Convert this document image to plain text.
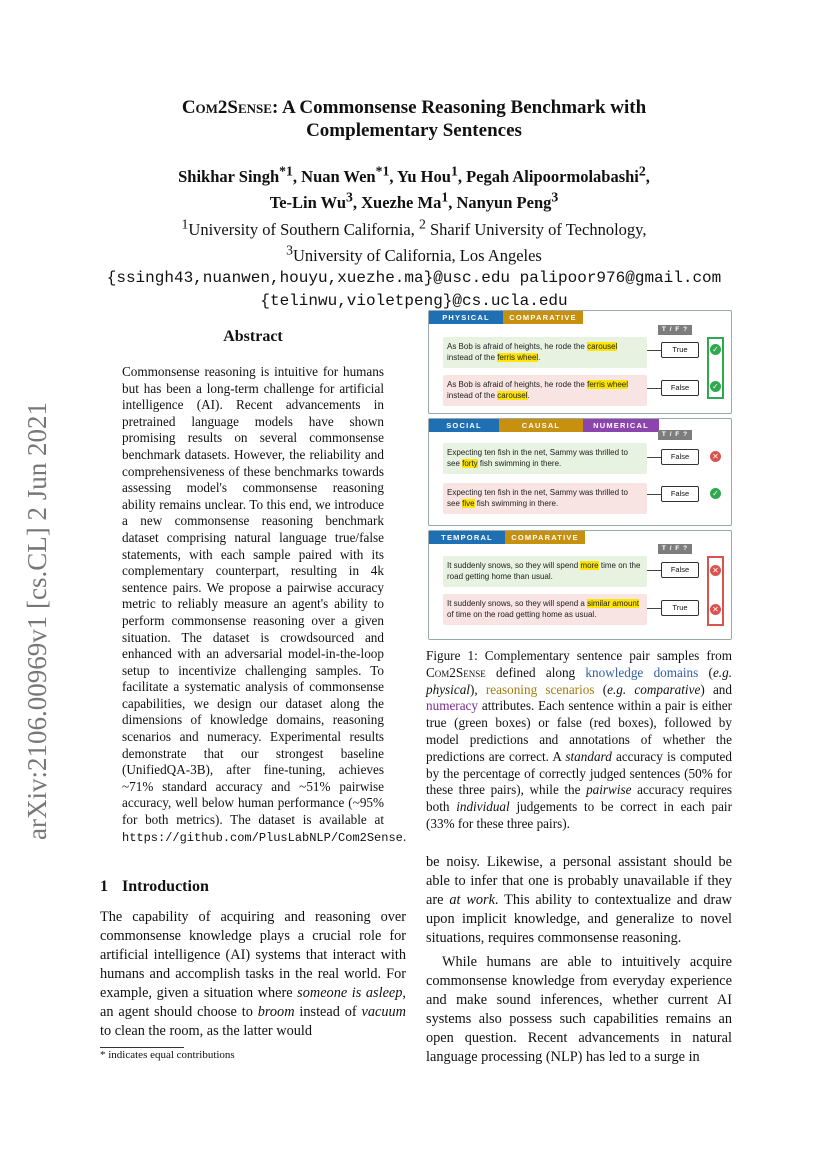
Com2Sense: A Commonsense Reasoning Benchmark with
Complementary Sentences
Shikhar Singh$^{*1}$, Nuan Wen$^{*1}$, Yu Hou$^1$, Pegah Alipoormolabashi$^2$,
Te-Lin Wu$^3$, Xuezhe Ma$^1$, Nanyun Peng$^3$
$^1$University of Southern California, $^2$ Sharif University of Technology,
$^3$University of California, Los Angeles
{ssingh43,nuanwen,houyu,xuezhe.ma}@usc.edu palipoor976@gmail.com
{telinwu,violetpeng}@cs.ucla.edu
arXiv:2106.00969v1 [cs.CL] 2 Jun 2021
Abstract
Commonsense reasoning is intuitive for humans but has been a long-term challenge for artificial intelligence (AI). Recent advancements in pretrained language models have shown promising results on several commonsense benchmark datasets. However, the reliability and comprehensiveness of these benchmarks towards assessing model's commonsense reasoning ability remains unclear. To this end, we introduce a new commonsense reasoning benchmark dataset comprising natural language true/false statements, with each sample paired with its complementary counterpart, resulting in 4k sentence pairs. We propose a pairwise accuracy metric to reliably measure an agent's ability to perform commonsense reasoning over a given situation. The dataset is crowdsourced and enhanced with an adversarial model-in-the-loop setup to incentivize challenging samples. To facilitate a systematic analysis of commonsense capabilities, we design our dataset along the dimensions of knowledge domains, reasoning scenarios and numeracy. Experimental results demonstrate that our strongest baseline (UnifiedQA-3B), after fine-tuning, achieves ~71% standard accuracy and ~51% pairwise accuracy, well below human performance (~95% for both metrics). The dataset is available at https://github.com/PlusLabNLP/Com2Sense.
1 Introduction
The capability of acquiring and reasoning over commonsense knowledge plays a crucial role for artificial intelligence (AI) systems that interact with humans and accomplish tasks in the real world. For example, given a situation where someone is asleep, an agent should choose to broom instead of vacuum to clean the room, as the latter would
* indicates equal contributions
be noisy. Likewise, a personal assistant should be able to infer that one is probably unavailable if they are at work. This ability to contextualize and draw upon implicit knowledge, and generalize to novel situations, requires commonsense reasoning.
While humans are able to intuitively acquire commonsense knowledge from everyday experience and make sound inferences, whether current AI systems also possess such capabilities remains an open question. Recent advancements in natural language processing (NLP) has led to a surge in
Figure 1: Complementary sentence pair samples from Com2Sense defined along knowledge domains (e.g. physical), reasoning scenarios (e.g. comparative) and numeracy attributes. Each sentence within a pair is either true (green boxes) or false (red boxes), followed by model predictions and annotations of whether the predictions are correct. A standard accuracy is computed by the percentage of correctly judged sentences (50% for these three pairs), while the pairwise accuracy requires both individual judgements to be correct in each pair (33% for these three pairs).
PHYSICAL	COMPARATIVE
T / F ?
As Bob is afraid of heights, he rode the carousel instead of the ferris wheel.
True
As Bob is afraid of heights, he rode the ferris wheel instead of the carousel.
False
✓
✓
SOCIAL	CAUSAL	NUMERICAL
T / F ?
Expecting ten fish in the net, Sammy was thrilled to see forty fish swimming in there.
False
Expecting ten fish in the net, Sammy was thrilled to see five fish swimming in there.
False
✕
✓
TEMPORAL	COMPARATIVE
T / F ?
It suddenly snows, so they will spend more time on the road getting home than usual.
False
It suddenly snows, so they will spend a similar amount of time on the road getting home as usual.
True
✕
✕
